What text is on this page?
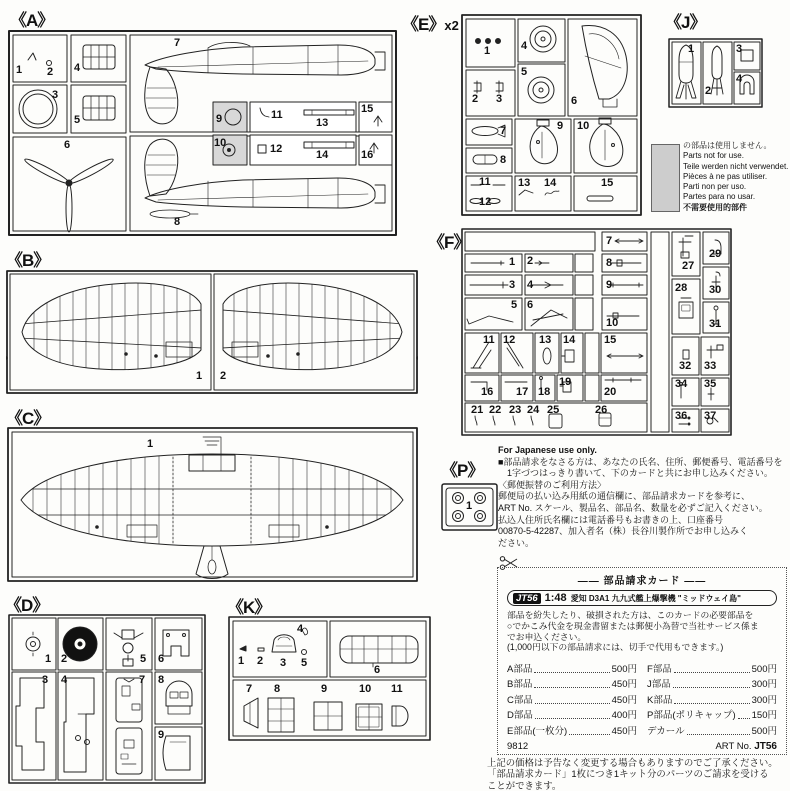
《A》
1 2
3
4
5
6
7
8
9
10
11
12
13
14
15
16
《E》x2
1
2 3
4
5
6
7
8
9 10
11
12
13 14	15
《J》
1
2
3
4
の部品は使用しません。
Parts not for use.
Teile werden nicht verwendet.
Pièces à ne pas utiliser.
Parti non per uso.
Partes para no usar.
不需要使用的部件
《B》
1 2
《F》
1 2
3 4
5 6
7
8
9
10
11 12 13 14	15
16 17 18
19
20
21 22 23 24 25	26
27
28
29
30
31
32 33
34 35
36 37
《C》
1
《P》
1
For Japanese use only.
■部品請求をなさる方は、あなたの氏名、住所、郵便番号、電話番号を
　1字づつはっきり書いて、下のカードと共にお申し込みください。
〈郵便振替のご利用方法〉
郵便局の払い込み用紙の通信欄に、部品請求カードを参考に、
ART No. スケール、製品名、部品名、数量を必ずご記入ください。
払込人住所氏名欄には電話番号もお書きの上、口座番号
00870-5-42287、加入者名（株）長谷川製作所でお申し込みく
ださい。
―― 部品請求カード ――
JT56 1:48 愛知 D3A1 九九式艦上爆撃機 "ミッドウェイ島"
部品を紛失したり、破損された方は、このカードの必要部品を
○でかこみ代金を現金書留または郵便小為替で当社サービス係ま
でお申込ください。
(1,000円以下の部品請求には、切手で代用もできます。)
A部品	500円 F部品	500円
B部品	450円 J部品	300円
C部品	450円 K部品	300円
D部品	400円 P部品(ポリキャップ) 150円
E部品(一枚分)	450円 デカール	500円
9812	ART No. JT56
上記の価格は予告なく変更する場合もありますのでご了承ください。
「部品請求カード」1枚につき1キット分のパーツのご請求を受ける
ことができます。
《D》
1 2
3 4
5 6
7 8
9
《K》
1 2 3
4
5
6
7 8	9	10 11
